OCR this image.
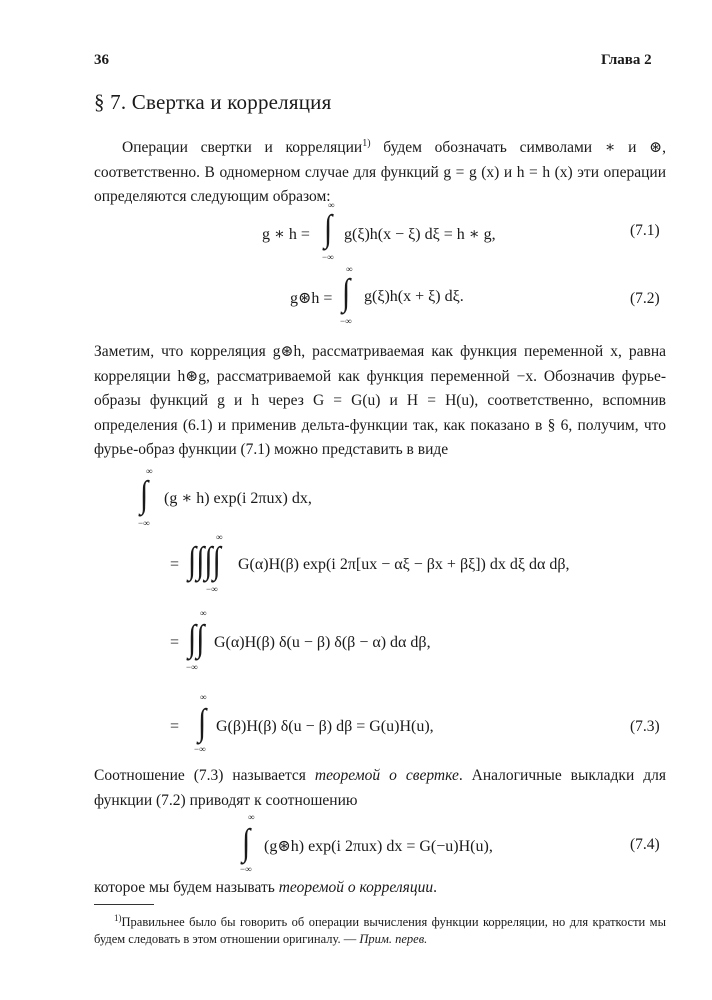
36	Глава 2
§ 7. Свертка и корреляция
Операции свертки и корреляции$^{1)}$ будем обозначать символами ∗ и ⊛, соответственно. В одномерном случае для функций g = g (x) и h = h (x) эти операции определяются следующим образом:
g ∗ h =
∞
∫
−∞
g(ξ)h(x − ξ) dξ = h ∗ g,	(7.1)
g⊛h =
∞
∫
−∞
g(ξ)h(x + ξ) dξ.	(7.2)
Заметим, что корреляция g⊛h, рассматриваемая как функция переменной x, равна корреляции h⊛g, рассматриваемой как функция переменной −x. Обозначив фурье-образы функций g и h через G = G(u) и H = H(u), соответственно, вспомнив определения (6.1) и применив дельта-функции так, как показано в § 6, получим, что фурье-образ функции (7.1) можно представить в виде
∞
∫
−∞
(g ∗ h) exp(i 2πux) dx,
=
∞
∫∫∫∫
−∞
G(α)H(β) exp(i 2π[ux − αξ − βx + βξ]) dx dξ dα dβ,
=
∞
∫∫
−∞
G(α)H(β) δ(u − β) δ(β − α) dα dβ,
=
∞
∫
−∞
G(β)H(β) δ(u − β) dβ = G(u)H(u),	(7.3)
Соотношение (7.3) называется теоремой о свертке. Аналогичные выкладки для функции (7.2) приводят к соотношению
∞
∫
−∞
(g⊛h) exp(i 2πux) dx = G(−u)H(u),	(7.4)
которое мы будем называть теоремой о корреляции.
$^{1)}$Правильнее было бы говорить об операции вычисления функции корреляции, но для краткости мы будем следовать в этом отношении оригиналу. — Прим. перев.
